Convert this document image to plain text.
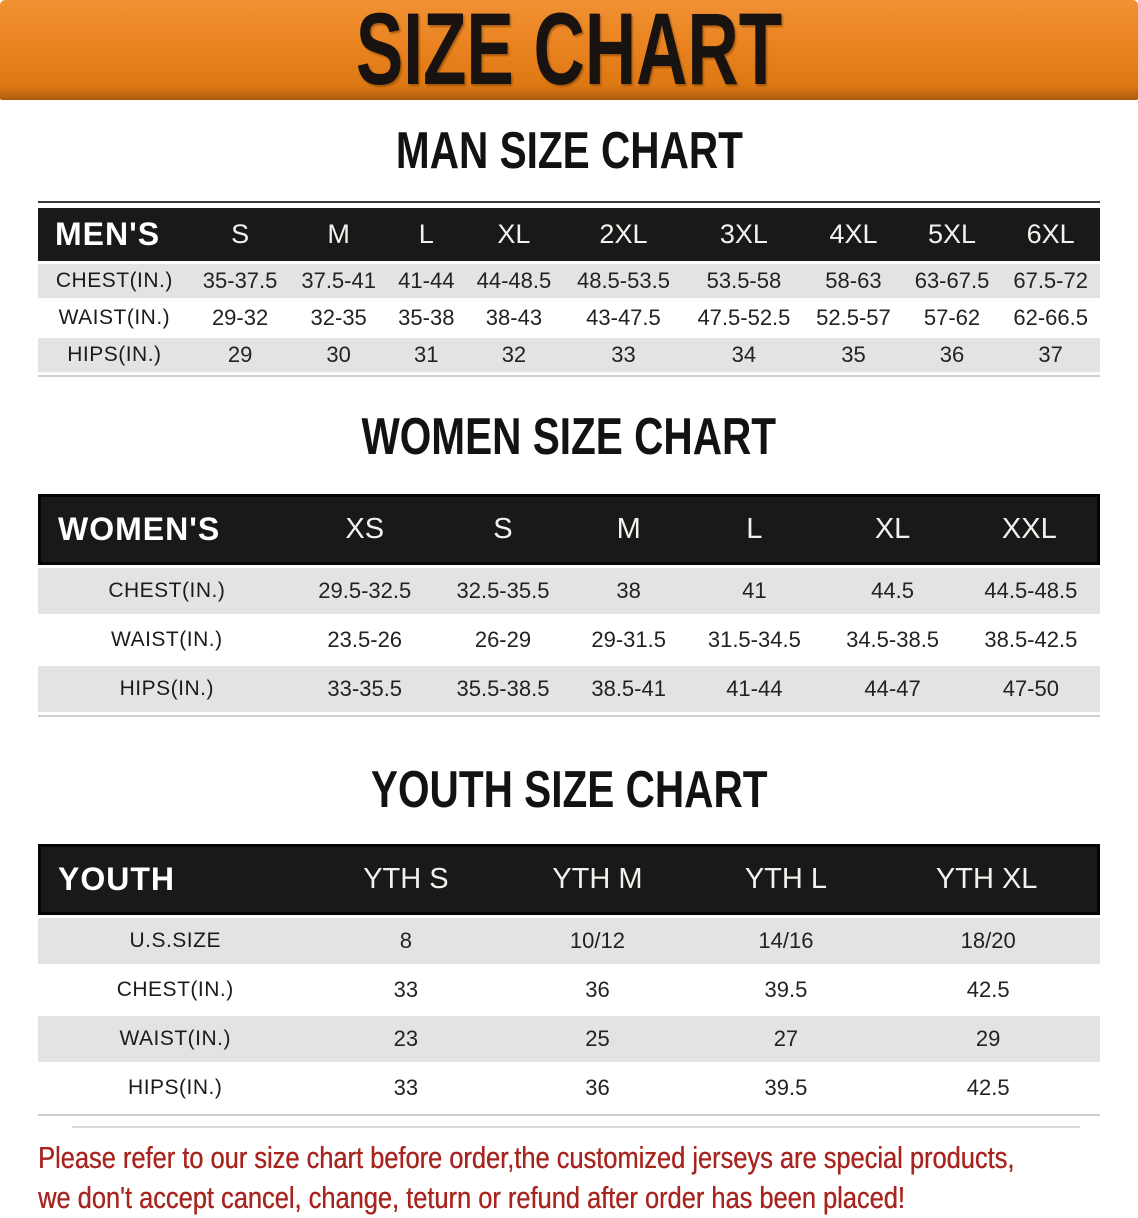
SIZE CHART
MAN SIZE CHART
MEN'S	S	M	L	XL	2XL	3XL	4XL	5XL	6XL
CHEST(IN.)	35-37.5	37.5-41	41-44	44-48.5	48.5-53.5	53.5-58	58-63	63-67.5	67.5-72
WAIST(IN.)	29-32	32-35	35-38	38-43	43-47.5	47.5-52.5	52.5-57	57-62	62-66.5
HIPS(IN.)	29	30	31	32	33	34	35	36	37
WOMEN SIZE CHART
WOMEN'S	XS	S	M	L	XL	XXL
CHEST(IN.)	29.5-32.5	32.5-35.5	38	41	44.5	44.5-48.5
WAIST(IN.)	23.5-26	26-29	29-31.5	31.5-34.5	34.5-38.5	38.5-42.5
HIPS(IN.)	33-35.5	35.5-38.5	38.5-41	41-44	44-47	47-50
YOUTH SIZE CHART
YOUTH	YTH S	YTH M	YTH L	YTH XL
U.S.SIZE	8	10/12	14/16	18/20
CHEST(IN.)	33	36	39.5	42.5
WAIST(IN.)	23	25	27	29
HIPS(IN.)	33	36	39.5	42.5
Please refer to our size chart before order,the customized jerseys are special products,
we don't accept cancel, change, teturn or refund after order has been placed!
